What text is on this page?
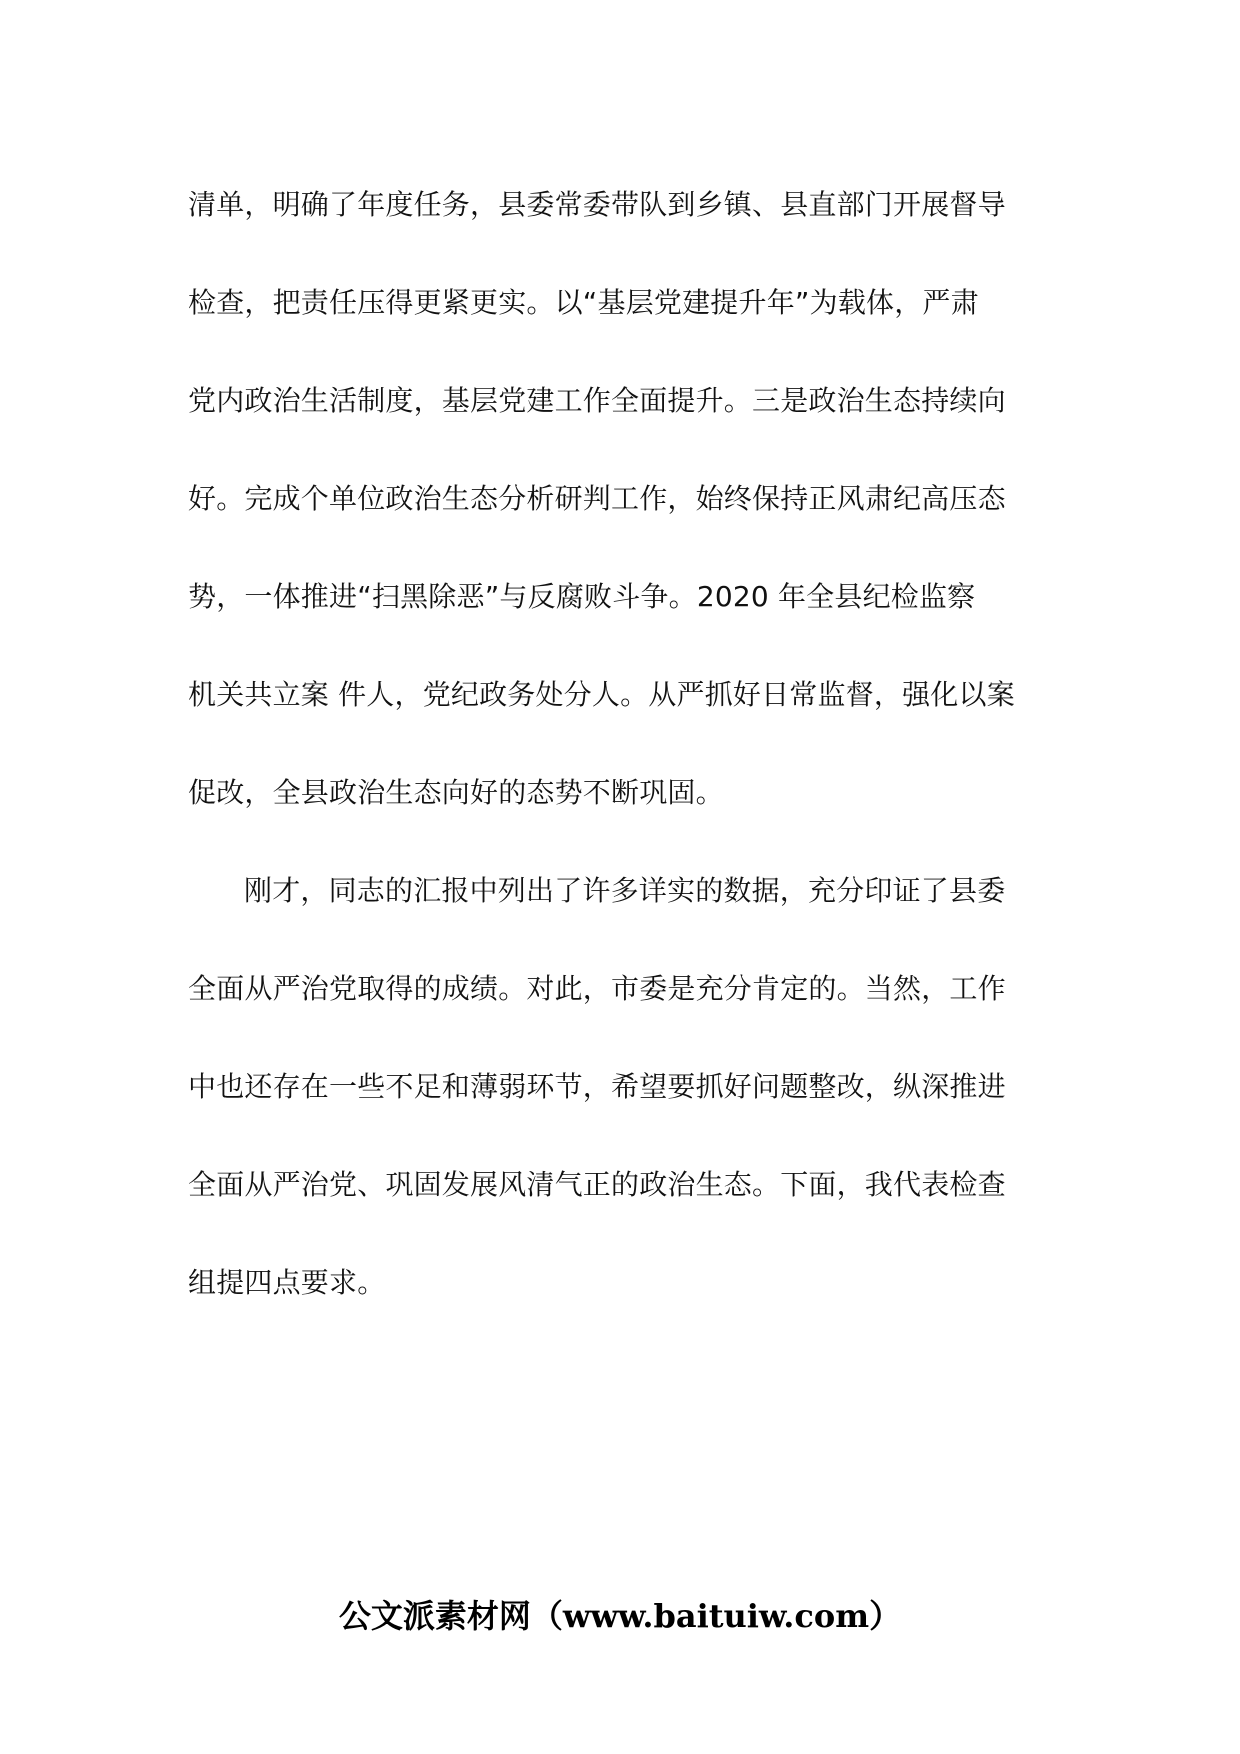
清单，明确了年度任务，县委常委带队到乡镇、县直部门开展督导
检查，把责任压得更紧更实。以“基层党建提升年”为载体，严肃
党内政治生活制度，基层党建工作全面提升。三是政治生态持续向
好。完成个单位政治生态分析研判工作，始终保持正风肃纪高压态
势，一体推进“扫黑除恶”与反腐败斗争。2020 年全县纪检监察
机关共立案 件人，党纪政务处分人。从严抓好日常监督，强化以案
促改，全县政治生态向好的态势不断巩固。
刚才，同志的汇报中列出了许多详实的数据，充分印证了县委
全面从严治党取得的成绩。对此，市委是充分肯定的。当然，工作
中也还存在一些不足和薄弱环节，希望要抓好问题整改，纵深推进
全面从严治党、巩固发展风清气正的政治生态。下面，我代表检查
组提四点要求。
公文派素材网（www.baituiw.com）
